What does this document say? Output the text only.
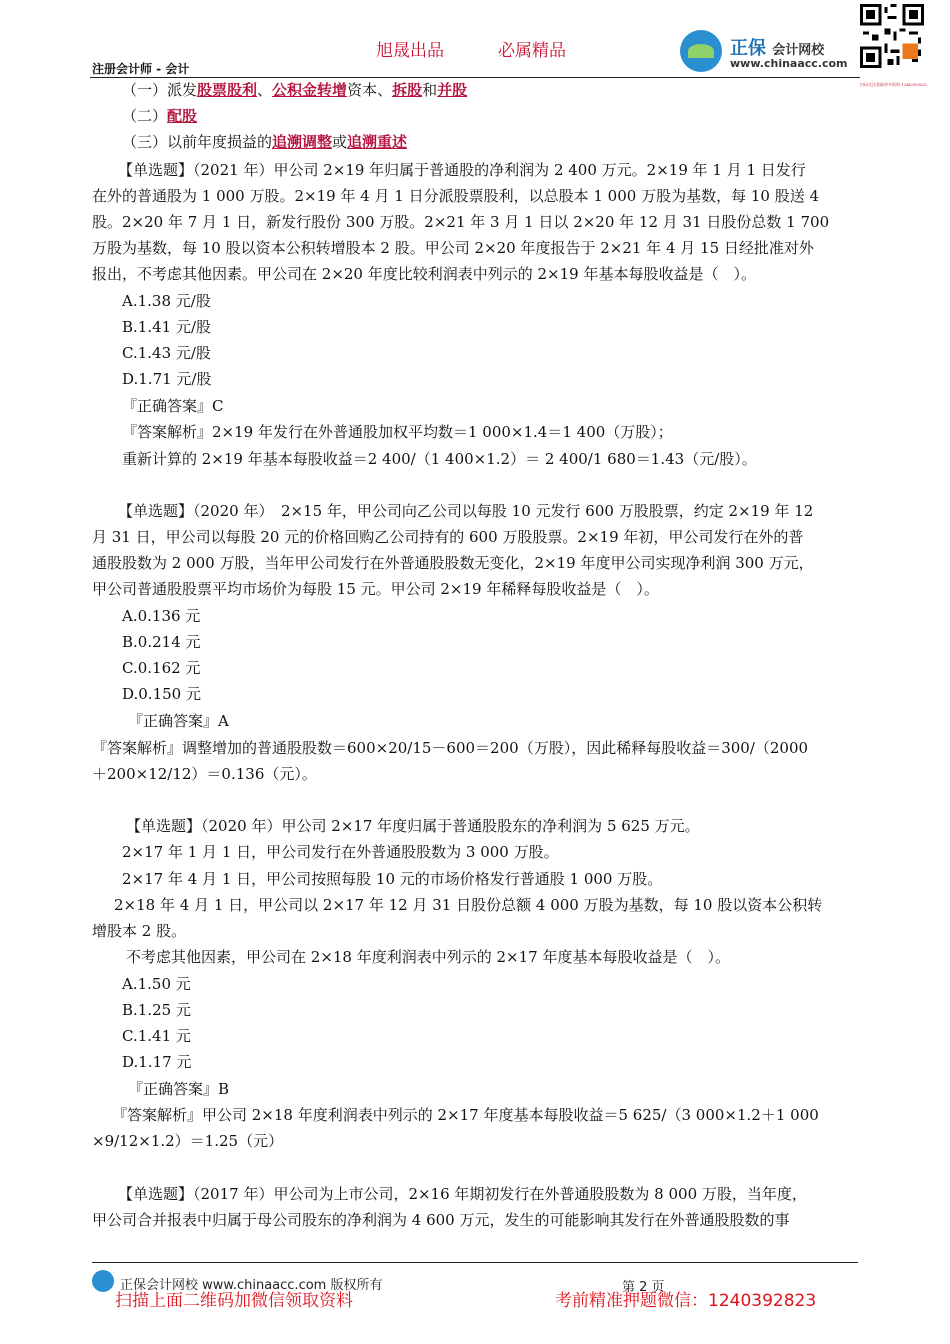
旭晟出品	必属精品
注册会计师 - 会计
正保 会计网校
www.chinaacc.com
扫码关注获取更多资料 1240392823
（一）派发股票股利、公积金转增资本、拆股和并股
（二）配股
（三）以前年度损益的追溯调整或追溯重述
【单选题】（2021 年）甲公司 2×19 年归属于普通股的净利润为 2 400 万元。2×19 年 1 月 1 日发行
在外的普通股为 1 000 万股。2×19 年 4 月 1 日分派股票股利，以总股本 1 000 万股为基数，每 10 股送 4
股。2×20 年 7 月 1 日，新发行股份 300 万股。2×21 年 3 月 1 日以 2×20 年 12 月 31 日股份总数 1 700
万股为基数，每 10 股以资本公积转增股本 2 股。甲公司 2×20 年度报告于 2×21 年 4 月 15 日经批准对外
报出，不考虑其他因素。甲公司在 2×20 年度比较利润表中列示的 2×19 年基本每股收益是（　）。
A.1.38 元/股
B.1.41 元/股
C.1.43 元/股
D.1.71 元/股
『正确答案』C
『答案解析』2×19 年发行在外普通股加权平均数＝1 000×1.4＝1 400（万股）；
重新计算的 2×19 年基本每股收益＝2 400/（1 400×1.2）＝ 2 400/1 680＝1.43（元/股）。
【单选题】（2020 年）　2×15 年，甲公司向乙公司以每股 10 元发行 600 万股股票，约定 2×19 年 12
月 31 日，甲公司以每股 20 元的价格回购乙公司持有的 600 万股股票。2×19 年初，甲公司发行在外的普
通股股数为 2 000 万股，当年甲公司发行在外普通股股数无变化，2×19 年度甲公司实现净利润 300 万元，
甲公司普通股股票平均市场价为每股 15 元。甲公司 2×19 年稀释每股收益是（　）。
A.0.136 元
B.0.214 元
C.0.162 元
D.0.150 元
『正确答案』A
『答案解析』调整增加的普通股股数＝600×20/15－600＝200（万股），因此稀释每股收益＝300/（2000
＋200×12/12）＝0.136（元）。
【单选题】（2020 年）甲公司 2×17 年度归属于普通股股东的净利润为 5 625 万元。
2×17 年 1 月 1 日，甲公司发行在外普通股股数为 3 000 万股。
2×17 年 4 月 1 日，甲公司按照每股 10 元的市场价格发行普通股 1 000 万股。
2×18 年 4 月 1 日，甲公司以 2×17 年 12 月 31 日股份总额 4 000 万股为基数，每 10 股以资本公积转
增股本 2 股。
不考虑其他因素，甲公司在 2×18 年度利润表中列示的 2×17 年度基本每股收益是（　）。
A.1.50 元
B.1.25 元
C.1.41 元
D.1.17 元
『正确答案』B
『答案解析』甲公司 2×18 年度利润表中列示的 2×17 年度基本每股收益＝5 625/（3 000×1.2＋1 000
×9/12×1.2）＝1.25（元）
【单选题】（2017 年）甲公司为上市公司，2×16 年期初发行在外普通股股数为 8 000 万股，当年度，
甲公司合并报表中归属于母公司股东的净利润为 4 600 万元，发生的可能影响其发行在外普通股股数的事
正保会计网校 www.chinaacc.com 版权所有	第 2 页
扫描上面二维码加微信领取资料	考前精准押题微信：1240392823
